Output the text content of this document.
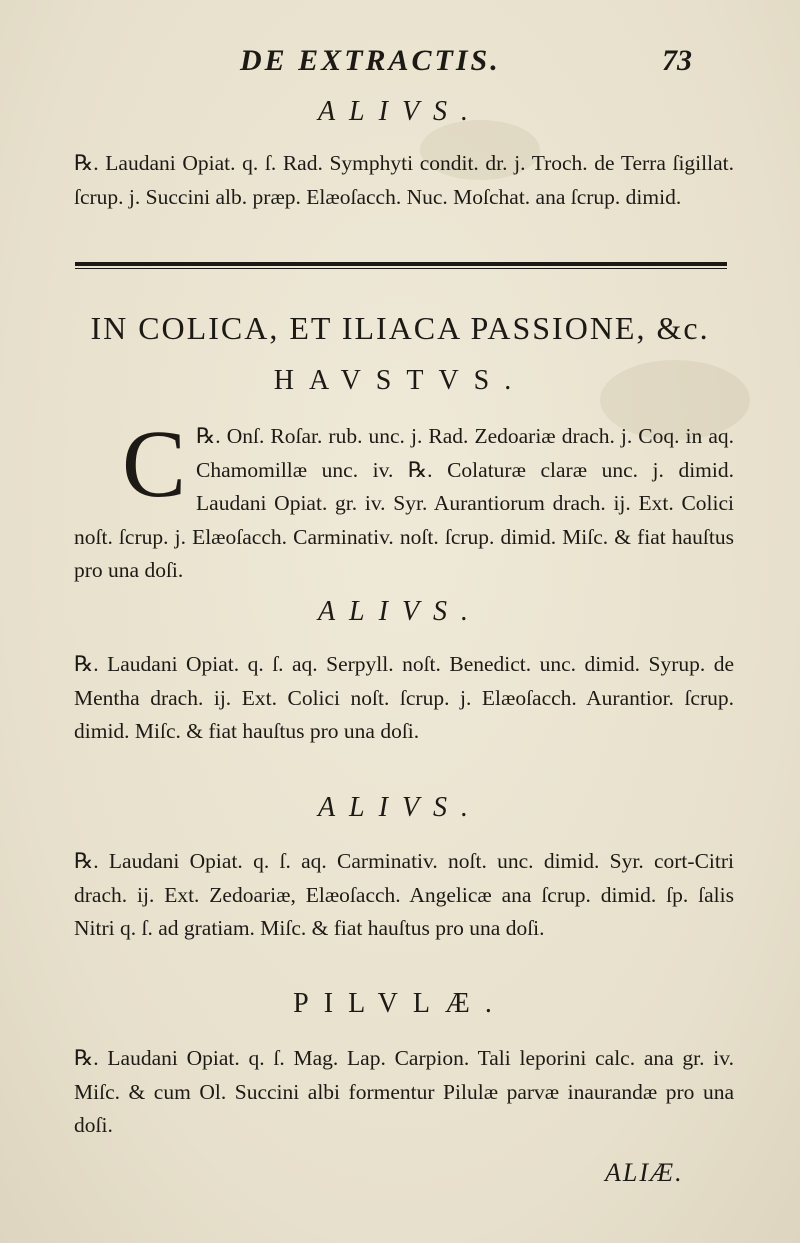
DE EXTRACTIS.	73
ALIVS.
℞. Laudani Opiat. q. ſ. Rad. Symphyti condit. dr. j. Troch. de Terra ſigillat. ſcrup. j. Succini alb. præp. Elæoſacch. Nuc. Moſchat. ana ſcrup. dimid.
IN COLICA, ET ILIACA PASSIONE, &c.
HAVSTVS.
C ℞. Onſ. Roſar. rub. unc. j. Rad. Zedoariæ drach. j. Coq. in aq. Chamomillæ unc. iv. ℞. Colaturæ claræ unc. j. dimid. Laudani Opiat. gr. iv. Syr. Aurantiorum drach. ij. Ext. Colici noſt. ſcrup. j. Elæoſacch. Carminativ. noſt. ſcrup. dimid. Miſc. & fiat hauſtus pro una doſi.
ALIVS.
℞. Laudani Opiat. q. ſ. aq. Serpyll. noſt. Benedict. unc. dimid. Syrup. de Mentha drach. ij. Ext. Colici noſt. ſcrup. j. Elæoſacch. Aurantior. ſcrup. dimid. Miſc. & fiat hauſtus pro una doſi.
ALIVS.
℞. Laudani Opiat. q. ſ. aq. Carminativ. noſt. unc. dimid. Syr. cort-Citri drach. ij. Ext. Zedoariæ, Elæoſacch. Angelicæ ana ſcrup. dimid. ſp. ſalis Nitri q. ſ. ad gratiam. Miſc. & fiat hauſtus pro una doſi.
PILVLÆ.
℞. Laudani Opiat. q. ſ. Mag. Lap. Carpion. Tali leporini calc. ana gr. iv. Miſc. & cum Ol. Succini albi formentur Pilulæ parvæ inaurandæ pro una doſi.
ALIÆ.
